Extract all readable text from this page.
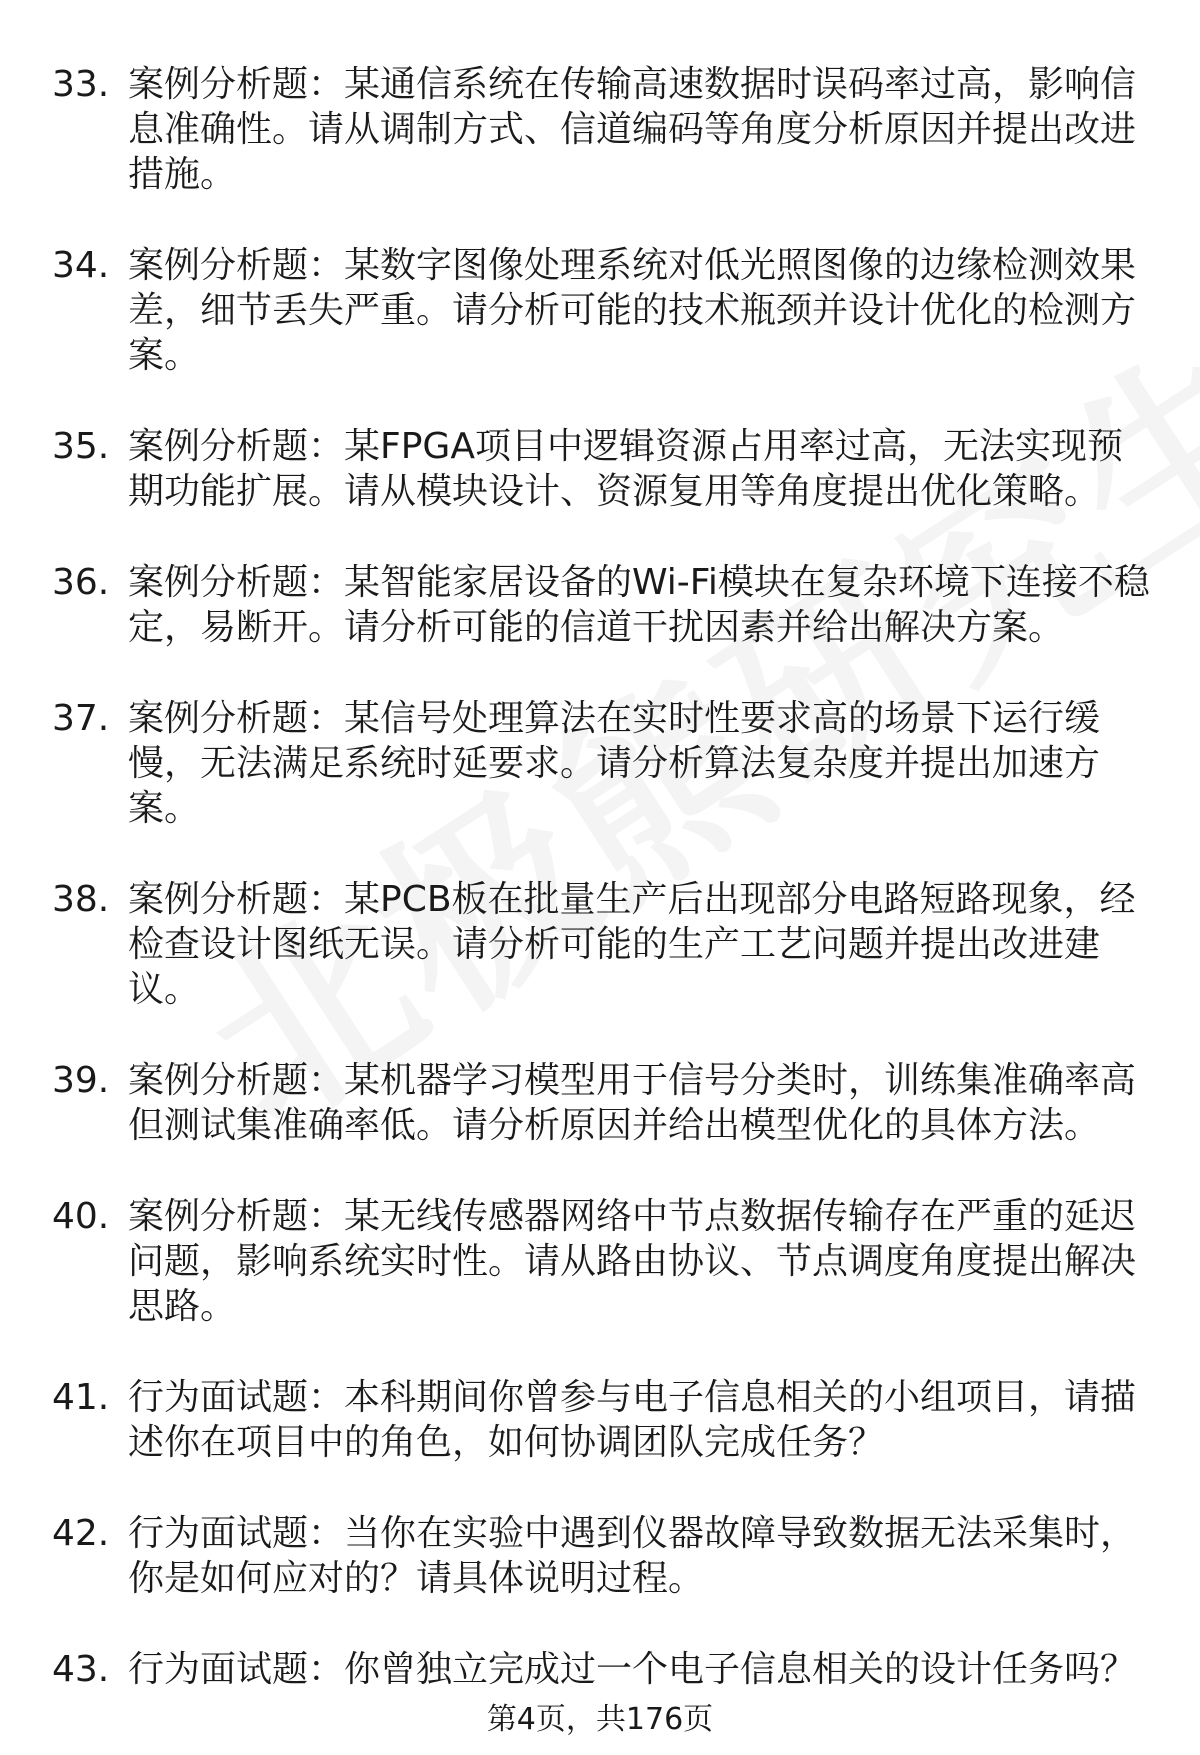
33. 案例分析题：某通信系统在传输高速数据时误码率过高，影响信息准确性。请从调制方式、信道编码等角度分析原因并提出改进措施。
34. 案例分析题：某数字图像处理系统对低光照图像的边缘检测效果差，细节丢失严重。请分析可能的技术瓶颈并设计优化的检测方案。
35. 案例分析题：某FPGA项目中逻辑资源占用率过高，无法实现预期功能扩展。请从模块设计、资源复用等角度提出优化策略。
36. 案例分析题：某智能家居设备的Wi-Fi模块在复杂环境下连接不稳定，易断开。请分析可能的信道干扰因素并给出解决方案。
37. 案例分析题：某信号处理算法在实时性要求高的场景下运行缓慢，无法满足系统时延要求。请分析算法复杂度并提出加速方案。
38. 案例分析题：某PCB板在批量生产后出现部分电路短路现象，经检查设计图纸无误。请分析可能的生产工艺问题并提出改进建议。
39. 案例分析题：某机器学习模型用于信号分类时，训练集准确率高但测试集准确率低。请分析原因并给出模型优化的具体方法。
40. 案例分析题：某无线传感器网络中节点数据传输存在严重的延迟问题，影响系统实时性。请从路由协议、节点调度角度提出解决思路。
41. 行为面试题：本科期间你曾参与电子信息相关的小组项目，请描述你在项目中的角色，如何协调团队完成任务？
42. 行为面试题：当你在实验中遇到仪器故障导致数据无法采集时，你是如何应对的？请具体说明过程。
43. 行为面试题：你曾独立完成过一个电子信息相关的设计任务吗？
第4页，共176页
